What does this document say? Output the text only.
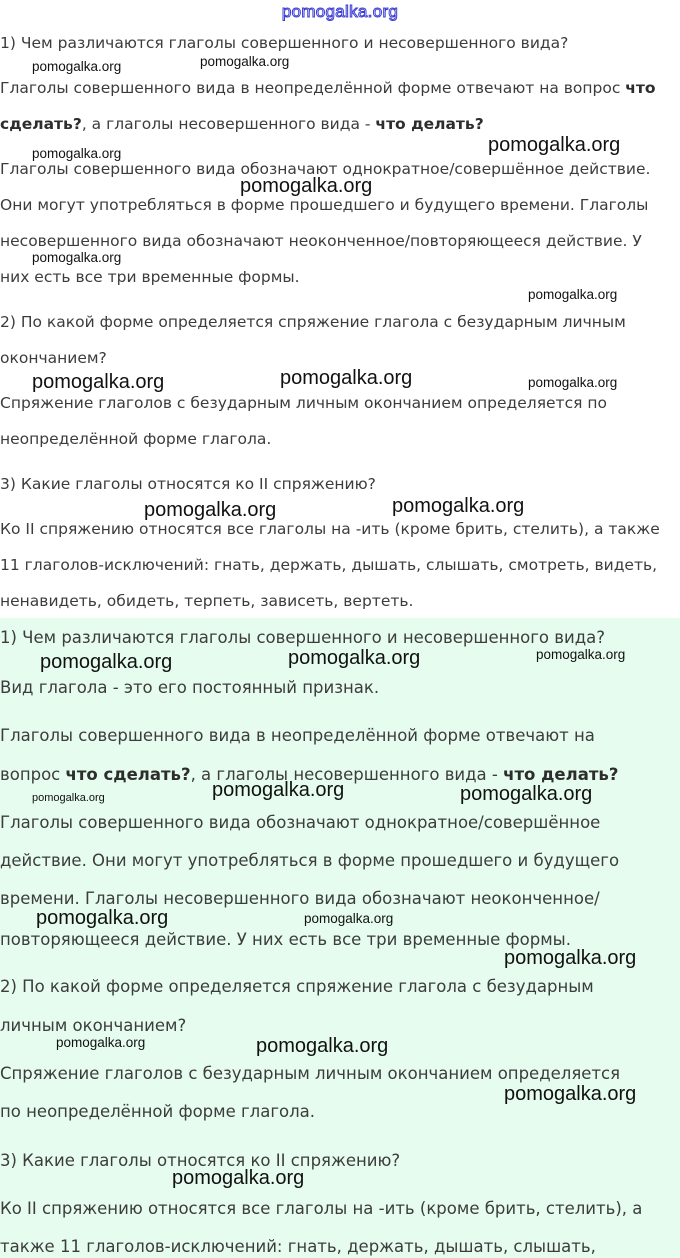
pomogalka.org

1) Чем различаются глаголы совершенного и несовершенного вида?

Глаголы совершенного вида в неопределённой форме отвечают на вопрос что

сделать?, а глаголы несовершенного вида - что делать?

Глаголы совершенного вида обозначают однократное/совершённое действие.

Они могут употребляться в форме прошедшего и будущего времени. Глаголы

несовершенного вида обозначают неоконченное/повторяющееся действие. У

них есть все три временные формы.

2) По какой форме определяется спряжение глагола с безударным личным

окончанием?

Спряжение глаголов с безударным личным окончанием определяется по

неопределённой форме глагола.

3) Какие глаголы относятся ко II спряжению?

Ко II спряжению относятся все глаголы на -ить (кроме брить, стелить), а также

11 глаголов-исключений: гнать, держать, дышать, слышать, смотреть, видеть,

ненавидеть, обидеть, терпеть, зависеть, вертеть.

1) Чем различаются глаголы совершенного и несовершенного вида?

Вид глагола - это его постоянный признак.

Глаголы совершенного вида в неопределённой форме отвечают на

вопрос что сделать?, а глаголы несовершенного вида - что делать?

Глаголы совершенного вида обозначают однократное/совершённое

действие. Они могут употребляться в форме прошедшего и будущего

времени. Глаголы несовершенного вида обозначают неоконченное/

повторяющееся действие. У них есть все три временные формы.

2) По какой форме определяется спряжение глагола с безударным

личным окончанием?

Спряжение глаголов с безударным личным окончанием определяется

по неопределённой форме глагола.

3) Какие глаголы относятся ко II спряжению?

Ко II спряжению относятся все глаголы на -ить (кроме брить, стелить), а

также 11 глаголов-исключений: гнать, держать, дышать, слышать,

pomogalka.org	pomogalka.org
pomogalka.org	pomogalka.org
pomogalka.org
pomogalka.org
pomogalka.org
pomogalka.org	pomogalka.org	pomogalka.org
pomogalka.org	pomogalka.org
pomogalka.org	pomogalka.org	pomogalka.org
pomogalka.org	pomogalka.org	pomogalka.org
pomogalka.org	pomogalka.org
pomogalka.org
pomogalka.org	pomogalka.org
pomogalka.org
pomogalka.org
